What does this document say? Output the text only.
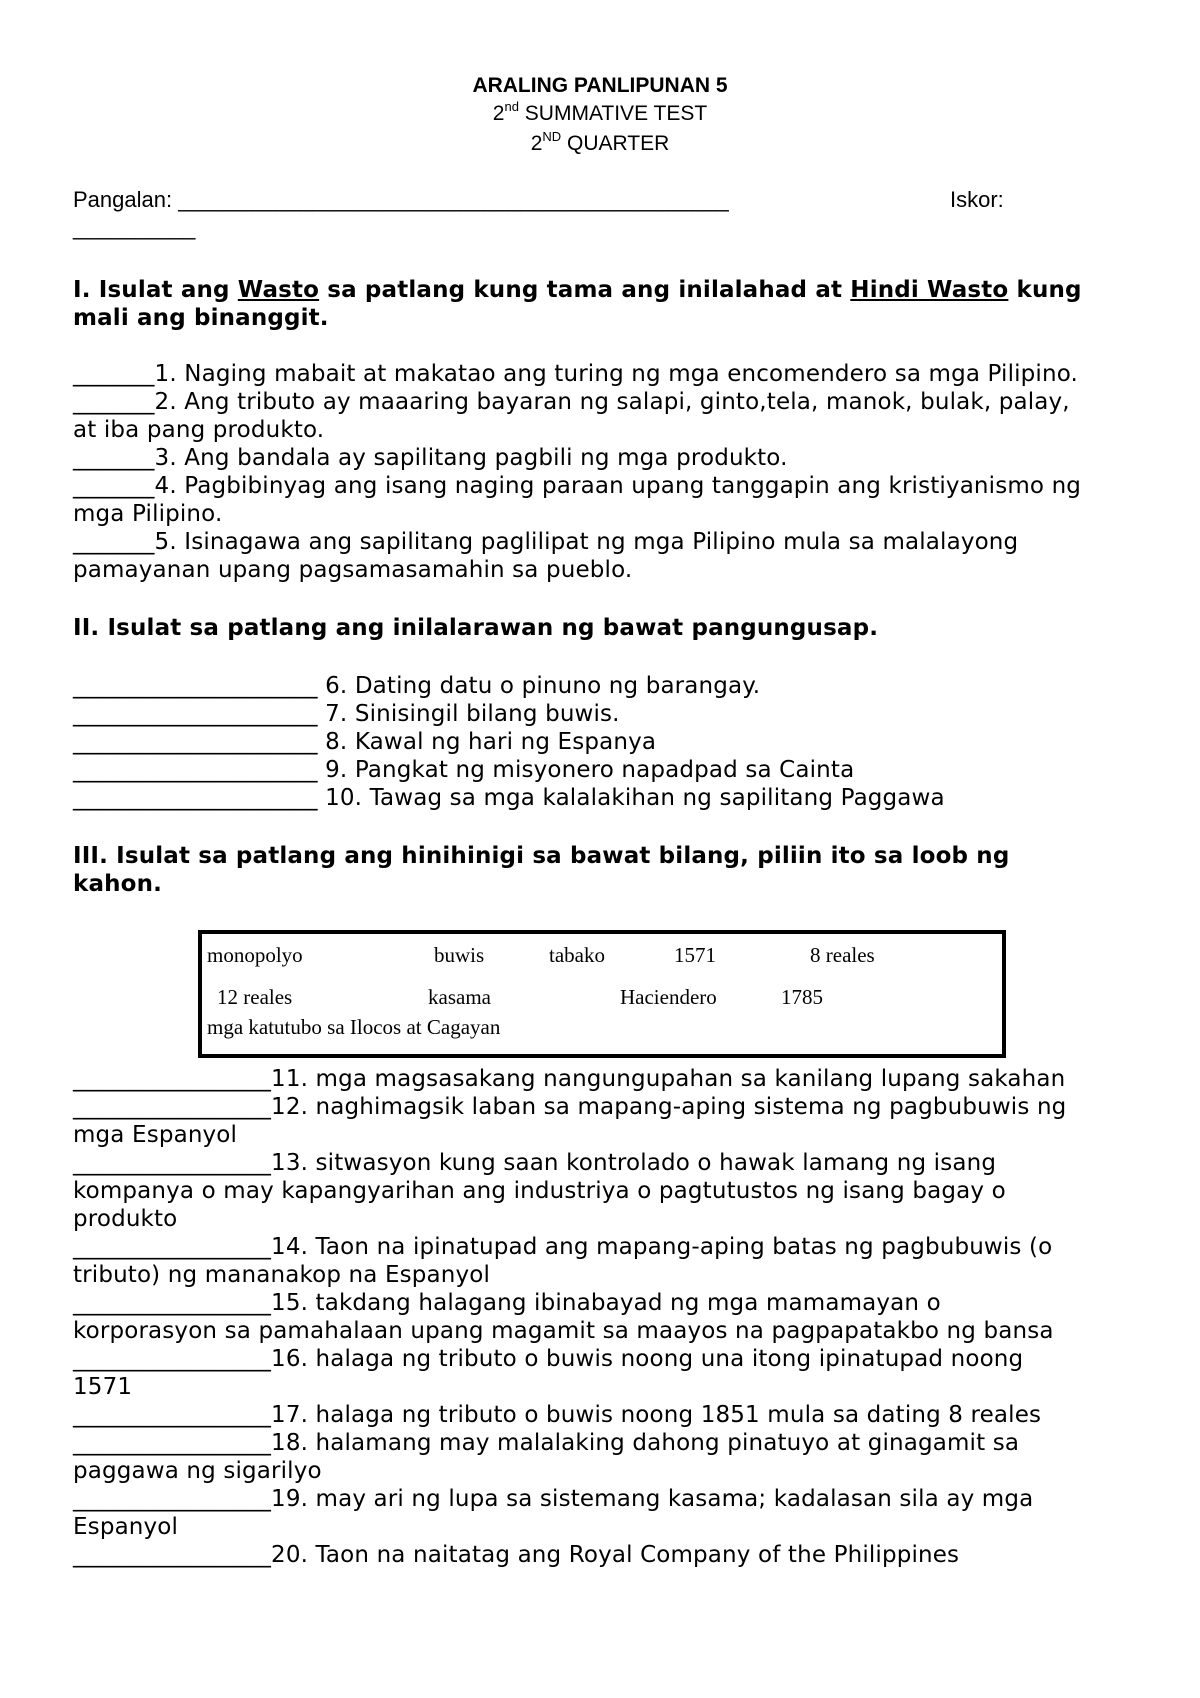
ARALING PANLIPUNAN 5
2nd SUMMATIVE TEST
2ND QUARTER
Pangalan: _____________________________________________	Iskor:
__________
I. Isulat ang Wasto sa patlang kung tama ang inilalahad at Hindi Wasto kung
mali ang binanggit.
_______1. Naging mabait at makatao ang turing ng mga encomendero sa mga Pilipino.
_______2. Ang tributo ay maaaring bayaran ng salapi, ginto,tela, manok, bulak, palay,
at iba pang produkto.
_______3. Ang bandala ay sapilitang pagbili ng mga produkto.
_______4. Pagbibinyag ang isang naging paraan upang tanggapin ang kristiyanismo ng
mga Pilipino.
_______5. Isinagawa ang sapilitang paglilipat ng mga Pilipino mula sa malalayong
pamayanan upang pagsamasamahin sa pueblo.
II. Isulat sa patlang ang inilalarawan ng bawat pangungusap.
_____________________ 6. Dating datu o pinuno ng barangay.
_____________________ 7. Sinisingil bilang buwis.
_____________________ 8. Kawal ng hari ng Espanya
_____________________ 9. Pangkat ng misyonero napadpad sa Cainta
_____________________ 10. Tawag sa mga kalalakihan ng sapilitang Paggawa
III. Isulat sa patlang ang hinihinigi sa bawat bilang, piliin ito sa loob ng
kahon.
monopolyo	buwis	tabako	1571	8 reales
12 reales	kasama	Haciendero	1785
mga katutubo sa Ilocos at Cagayan
_________________11. mga magsasakang nangungupahan sa kanilang lupang sakahan
_________________12. naghimagsik laban sa mapang-aping sistema ng pagbubuwis ng
mga Espanyol
_________________13. sitwasyon kung saan kontrolado o hawak lamang ng isang
kompanya o may kapangyarihan ang industriya o pagtutustos ng isang bagay o
produkto
_________________14. Taon na ipinatupad ang mapang-aping batas ng pagbubuwis (o
tributo) ng mananakop na Espanyol
_________________15. takdang halagang ibinabayad ng mga mamamayan o
korporasyon sa pamahalaan upang magamit sa maayos na pagpapatakbo ng bansa
_________________16. halaga ng tributo o buwis noong una itong ipinatupad noong
1571
_________________17. halaga ng tributo o buwis noong 1851 mula sa dating 8 reales
_________________18. halamang may malalaking dahong pinatuyo at ginagamit sa
paggawa ng sigarilyo
_________________19. may ari ng lupa sa sistemang kasama; kadalasan sila ay mga
Espanyol
_________________20. Taon na naitatag ang Royal Company of the Philippines
